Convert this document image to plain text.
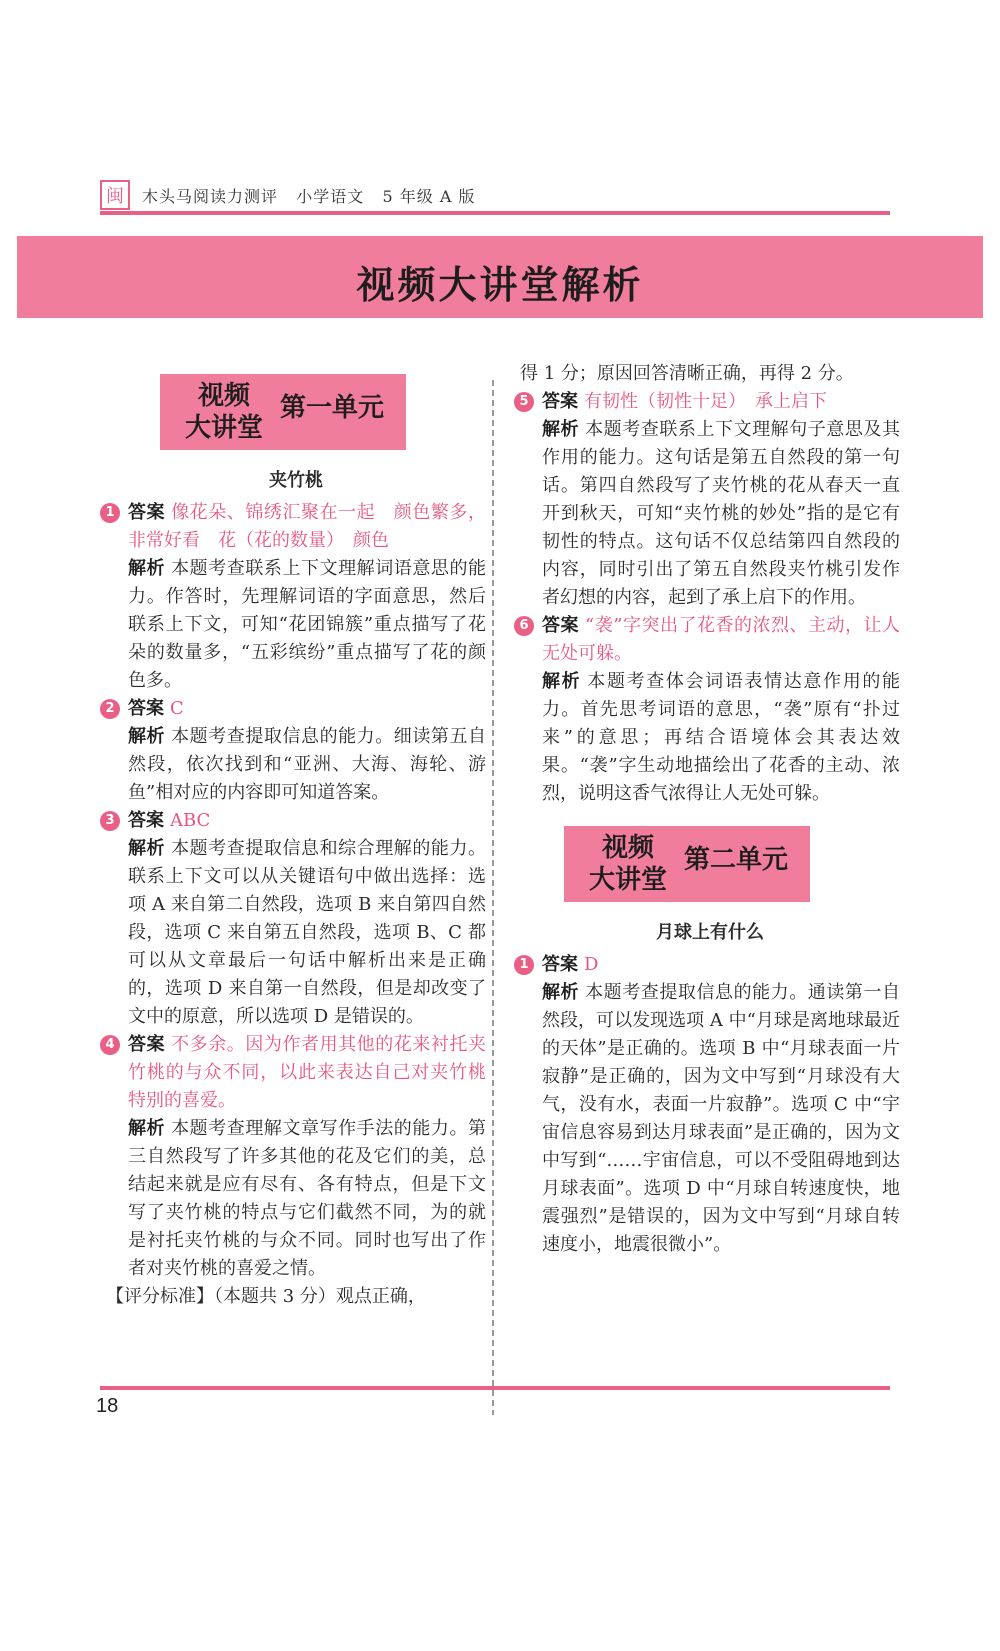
闽	木头马阅读力测评   小学语文   5 年级 A 版
视频大讲堂解析
视频
大讲堂
第一单元
夹竹桃
1 答案 像花朵、锦绣汇聚在一起　颜色繁多，非常好看　花（花的数量）　颜色
解析 本题考查联系上下文理解词语意思的能力。作答时，先理解词语的字面意思，然后联系上下文，可知“花团锦簇”重点描写了花朵的数量多，“五彩缤纷”重点描写了花的颜色多。
2 答案 C
解析 本题考查提取信息的能力。细读第五自然段，依次找到和“亚洲、大海、海轮、游鱼”相对应的内容即可知道答案。
3 答案 ABC
解析 本题考查提取信息和综合理解的能力。联系上下文可以从关键语句中做出选择：选项 A 来自第二自然段，选项 B 来自第四自然段，选项 C 来自第五自然段，选项 B、C 都可以从文章最后一句话中解析出来是正确的，选项 D 来自第一自然段，但是却改变了文中的原意，所以选项 D 是错误的。
4 答案 不多余。因为作者用其他的花来衬托夹竹桃的与众不同，以此来表达自己对夹竹桃特别的喜爱。
解析 本题考查理解文章写作手法的能力。第三自然段写了许多其他的花及它们的美，总结起来就是应有尽有、各有特点，但是下文写了夹竹桃的特点与它们截然不同，为的就是衬托夹竹桃的与众不同。同时也写出了作者对夹竹桃的喜爱之情。
【评分标准】（本题共 3 分）观点正确，
得 1 分；原因回答清晰正确，再得 2 分。
5 答案 有韧性（韧性十足）　承上启下
解析 本题考查联系上下文理解句子意思及其作用的能力。这句话是第五自然段的第一句话。第四自然段写了夹竹桃的花从春天一直开到秋天，可知“夹竹桃的妙处”指的是它有韧性的特点。这句话不仅总结第四自然段的内容，同时引出了第五自然段夹竹桃引发作者幻想的内容，起到了承上启下的作用。
6 答案 “袭”字突出了花香的浓烈、主动，让人无处可躲。
解析 本题考查体会词语表情达意作用的能力。首先思考词语的意思，“袭”原有“扑过来”的意思；再结合语境体会其表达效果。“袭”字生动地描绘出了花香的主动、浓烈，说明这香气浓得让人无处可躲。
视频
大讲堂
第二单元
月球上有什么
1 答案 D
解析 本题考查提取信息的能力。通读第一自然段，可以发现选项 A 中“月球是离地球最近的天体”是正确的。选项 B 中“月球表面一片寂静”是正确的，因为文中写到“月球没有大气，没有水，表面一片寂静”。选项 C 中“宇宙信息容易到达月球表面”是正确的，因为文中写到“……宇宙信息，可以不受阻碍地到达月球表面”。选项 D 中“月球自转速度快，地震强烈”是错误的，因为文中写到“月球自转速度小，地震很微小”。
18
